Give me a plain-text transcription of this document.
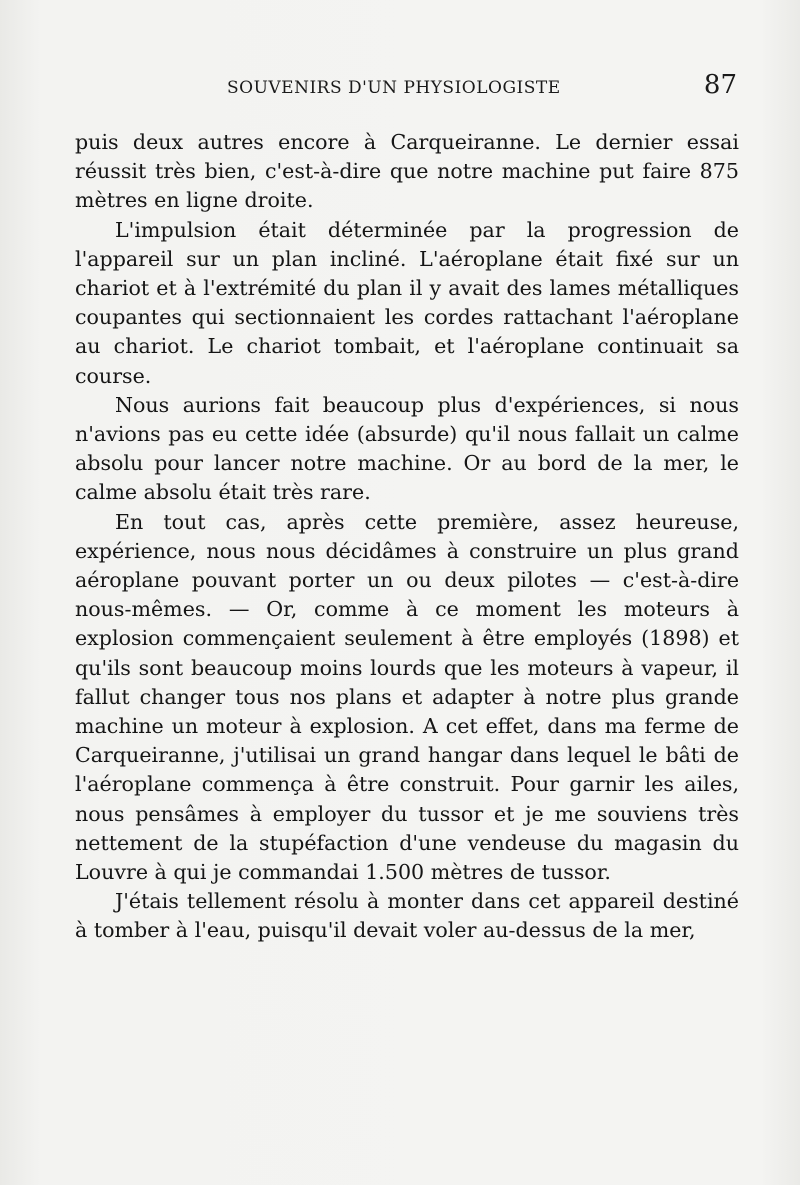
SOUVENIRS D'UN PHYSIOLOGISTE	87

puis deux autres encore à Carqueiranne. Le dernier essai réussit très bien, c'est-à-dire que notre machine put faire 875 mètres en ligne droite.

L'impulsion était déterminée par la progression de l'appareil sur un plan incliné. L'aéroplane était fixé sur un chariot et à l'extrémité du plan il y avait des lames métalliques coupantes qui sectionnaient les cordes rattachant l'aéroplane au chariot. Le chariot tombait, et l'aéroplane continuait sa course.

Nous aurions fait beaucoup plus d'expériences, si nous n'avions pas eu cette idée (absurde) qu'il nous fallait un calme absolu pour lancer notre machine. Or au bord de la mer, le calme absolu était très rare.

En tout cas, après cette première, assez heureuse, expérience, nous nous décidâmes à construire un plus grand aéroplane pouvant porter un ou deux pilotes — c'est-à-dire nous-mêmes. — Or, comme à ce moment les moteurs à explosion commençaient seulement à être employés (1898) et qu'ils sont beaucoup moins lourds que les moteurs à vapeur, il fallut changer tous nos plans et adapter à notre plus grande machine un moteur à explosion. A cet effet, dans ma ferme de Carqueiranne, j'utilisai un grand hangar dans lequel le bâti de l'aéroplane commença à être construit. Pour garnir les ailes, nous pensâmes à employer du tussor et je me souviens très nettement de la stupéfaction d'une vendeuse du magasin du Louvre à qui je commandai 1.500 mètres de tussor.

J'étais tellement résolu à monter dans cet appareil destiné à tomber à l'eau, puisqu'il devait voler au-dessus de la mer,
